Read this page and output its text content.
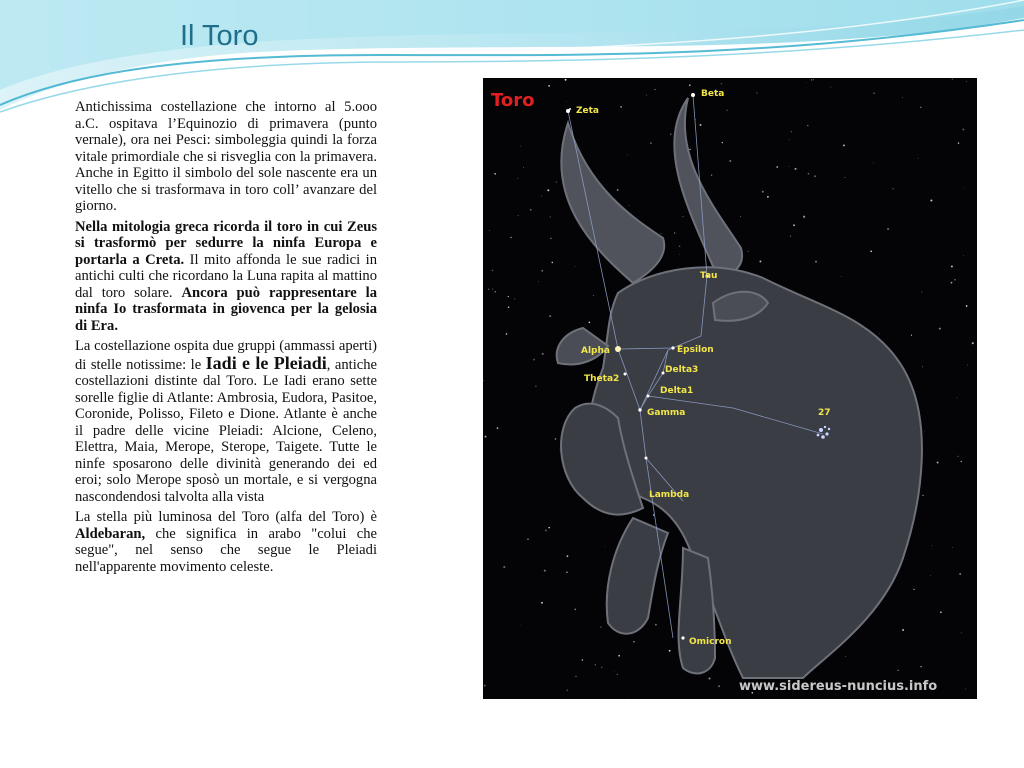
Il Toro

Antichissima costellazione che intorno al 5.ooo a.C. ospitava l’Equinozio di primavera (punto vernale), ora nei Pesci: simboleggia quindi la forza vitale primordiale che si risveglia con la primavera. Anche in Egitto il simbolo del sole nascente era un vitello che si trasformava in toro coll’ avanzare del giorno.

Nella mitologia greca ricorda il toro in cui Zeus si trasformò per sedurre la ninfa Europa e portarla a Creta. Il mito affonda le sue radici in antichi culti che ricordano la Luna rapita al mattino dal toro solare. Ancora può rappresentare la ninfa Io trasformata in giovenca per la gelosia di Era.

La costellazione ospita due gruppi (ammassi aperti) di stelle notissime: le Iadi e le Pleiadi, antiche costellazioni distinte dal Toro. Le Iadi erano sette sorelle figlie di Atlante: Ambrosia, Eudora, Pasitoe, Coronide, Polisso, Fileto e Dione. Atlante è anche il padre delle vicine Pleiadi: Alcione, Celeno, Elettra, Maia, Merope, Sterope, Taigete. Tutte le ninfe sposarono delle divinità generando dei ed eroi; solo Merope sposò un mortale, e si vergogna nascondendosi talvolta alla vista

La stella più luminosa del Toro (alfa del Toro) è Aldebaran, che significa in arabo "colui che segue", nel senso che segue le Pleiadi nell'apparente movimento celeste.

Toro	Zeta
Beta
Tau
Alpha	Epsilon
Theta2
Delta3
Delta1
Gamma	27
Lambda
Omicron
www.sidereus-nuncius.info
